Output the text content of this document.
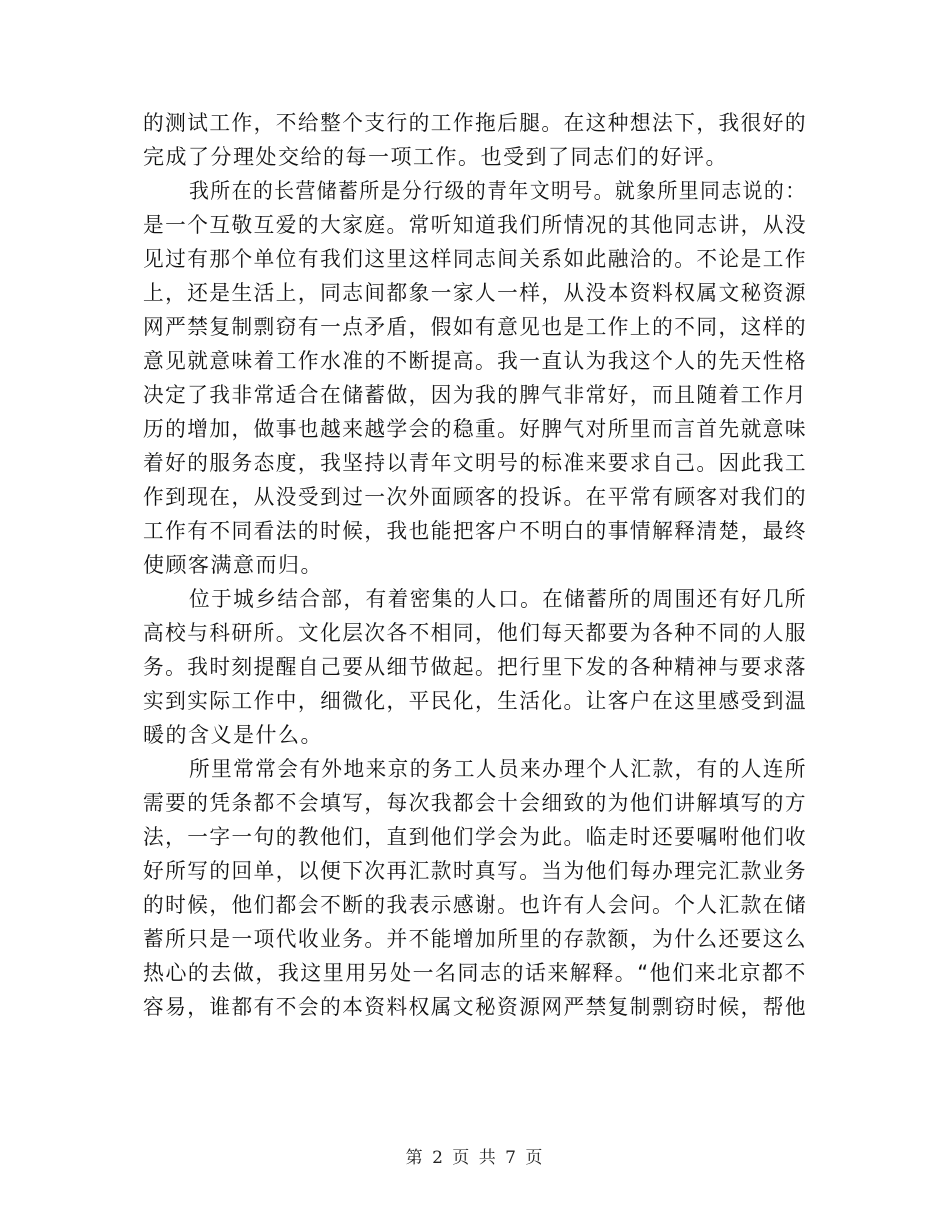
的测试工作，不给整个支行的工作拖后腿。在这种想法下，我很好的
完成了分理处交给的每一项工作。也受到了同志们的好评。
我所在的长营储蓄所是分行级的青年文明号。就象所里同志说的：
是一个互敬互爱的大家庭。常听知道我们所情况的其他同志讲，从没
见过有那个单位有我们这里这样同志间关系如此融洽的。不论是工作
上，还是生活上，同志间都象一家人一样，从没本资料权属文秘资源
网严禁复制剽窃有一点矛盾，假如有意见也是工作上的不同，这样的
意见就意味着工作水准的不断提高。我一直认为我这个人的先天性格
决定了我非常适合在储蓄做，因为我的脾气非常好，而且随着工作月
历的增加，做事也越来越学会的稳重。好脾气对所里而言首先就意味
着好的服务态度，我坚持以青年文明号的标准来要求自己。因此我工
作到现在，从没受到过一次外面顾客的投诉。在平常有顾客对我们的
工作有不同看法的时候，我也能把客户不明白的事情解释清楚，最终
使顾客满意而归。
位于城乡结合部，有着密集的人口。在储蓄所的周围还有好几所
高校与科研所。文化层次各不相同，他们每天都要为各种不同的人服
务。我时刻提醒自己要从细节做起。把行里下发的各种精神与要求落
实到实际工作中，细微化，平民化，生活化。让客户在这里感受到温
暖的含义是什么。
所里常常会有外地来京的务工人员来办理个人汇款，有的人连所
需要的凭条都不会填写，每次我都会十会细致的为他们讲解填写的方
法，一字一句的教他们，直到他们学会为此。临走时还要嘱咐他们收
好所写的回单，以便下次再汇款时真写。当为他们每办理完汇款业务
的时候，他们都会不断的我表示感谢。也许有人会问。个人汇款在储
蓄所只是一项代收业务。并不能增加所里的存款额，为什么还要这么
热心的去做，我这里用另处一名同志的话来解释。“他们来北京都不
容易，谁都有不会的本资料权属文秘资源网严禁复制剽窃时候，帮他
第 2 页 共 7 页
